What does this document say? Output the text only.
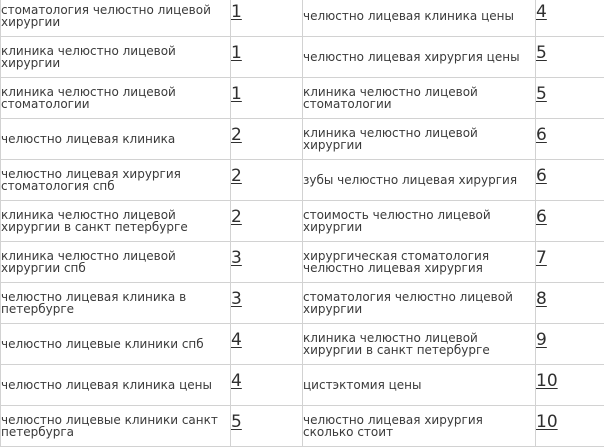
стоматология челюстно лицевой хирургии	1	челюстно лицевая клиника цены	4
клиника челюстно лицевой хирургии	1	челюстно лицевая хирургия цены	5
клиника челюстно лицевой стоматологии	1	клиника челюстно лицевой стоматологии	5
челюстно лицевая клиника	2	клиника челюстно лицевой хирургии	6
челюстно лицевая хирургия стоматология спб	2	зубы челюстно лицевая хирургия	6
клиника челюстно лицевой хирургии в санкт петербурге	2	стоимость челюстно лицевой хирургии	6
клиника челюстно лицевой хирургии спб	3	хирургическая стоматология челюстно лицевая хирургия	7
челюстно лицевая клиника в петербурге	3	стоматология челюстно лицевой хирургии	8
челюстно лицевые клиники спб	4	клиника челюстно лицевой хирургии в санкт петербурге	9
челюстно лицевая клиника цены	4	цистэктомия цены	10
челюстно лицевые клиники санкт петербурга	5	челюстно лицевая хирургия сколько стоит	10
